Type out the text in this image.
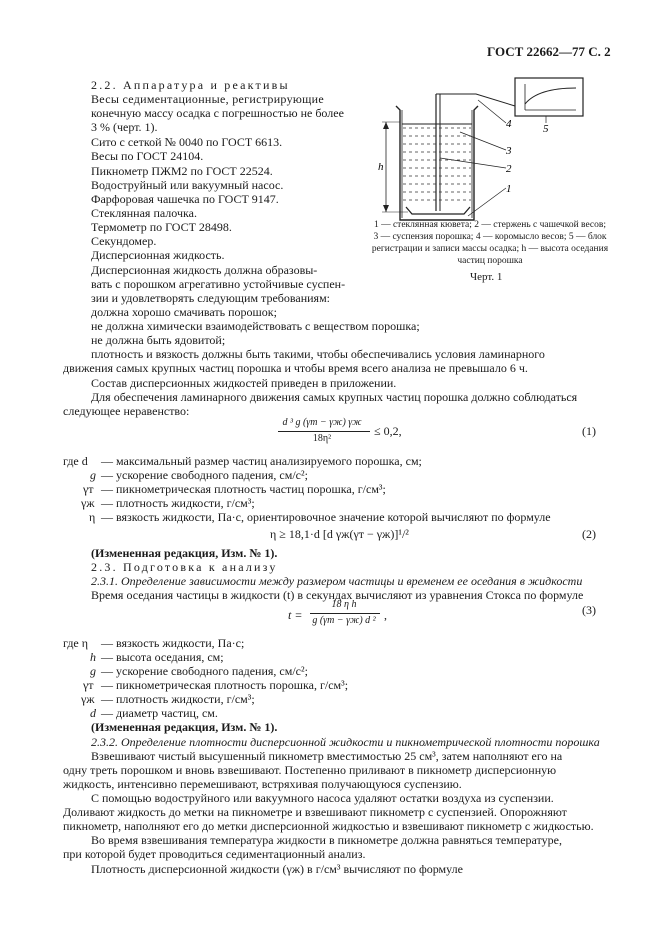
ГОСТ 22662—77 С. 2
2.2. Аппаратура и реактивы
Весы седиментационные, регистрирующие
конечную массу осадка с погрешностью не более
3 % (черт. 1).
Сито с сеткой № 0040 по ГОСТ 6613.
Весы по ГОСТ 24104.
Пикнометр ПЖМ2 по ГОСТ 22524.
Водоструйный или вакуумный насос.
Фарфоровая чашечка по ГОСТ 9147.
Стеклянная палочка.
Термометр по ГОСТ 28498.
Секундомер.
Дисперсионная жидкость.
Дисперсионная жидкость должна образовы-
вать с порошком агрегативно устойчивые суспен-
зии и удовлетворять следующим требованиям:
1
2
3
4	5
h
1 — стеклянная кювета; 2 — стержень с чашечкой весов;
3 — суспензия порошка; 4 — коромысло весов; 5 — блок
регистрации и записи массы осадка; h — высота оседания
частиц порошка
Черт. 1
должна хорошо смачивать порошок;
не должна химически взаимодействовать с веществом порошка;
не должна быть ядовитой;
плотность и вязкость должны быть такими, чтобы обеспечивались условия ламинарного
движения самых крупных частиц порошка и чтобы время всего анализа не превышало 6 ч.
Состав дисперсионных жидкостей приведен в приложении.
Для обеспечения ламинарного движения самых крупных частиц порошка должно соблюдаться
следующее неравенство:
d ³ g (γт − γж) γж
18η²
≤ 0,2,	(1)
где d — максимальный размер частиц анализируемого порошка, см;
g — ускорение свободного падения, см/с²;
γт — пикнометрическая плотность частиц порошка, г/см³;
γж — плотность жидкости, г/см³;
η — вязкость жидкости, Па·с, ориентировочное значение которой вычисляют по формуле
η ≥ 18,1·d [d γж(γт − γж)]¹/²	(2)
(Измененная редакция, Изм. № 1).
2.3. Подготовка к анализу
2.3.1. Определение зависимости между размером частицы и временем ее оседания в жидкости
Время оседания частицы в жидкости (t) в секундах вычисляют из уравнения Стокса по формуле
t =
18 η h
g (γт − γж) d ² ,	(3)
где η — вязкость жидкости, Па·с;
h — высота оседания, см;
g — ускорение свободного падения, см/с²;
γт — пикнометрическая плотность порошка, г/см³;
γж — плотность жидкости, г/см³;
d — диаметр частиц, см.
(Измененная редакция, Изм. № 1).
2.3.2. Определение плотности дисперсионной жидкости и пикнометрической плотности порошка
Взвешивают чистый высушенный пикнометр вместимостью 25 см³, затем наполняют его на
одну треть порошком и вновь взвешивают. Постепенно приливают в пикнометр дисперсионную
жидкость, интенсивно перемешивают, встряхивая получающуюся суспензию.
С помощью водоструйного или вакуумного насоса удаляют остатки воздуха из суспензии.
Доливают жидкость до метки на пикнометре и взвешивают пикнометр с суспензией. Опорожняют
пикнометр, наполняют его до метки дисперсионной жидкостью и взвешивают пикнометр с жидкостью.
Во время взвешивания температура жидкости в пикнометре должна равняться температуре,
при которой будет проводиться седиментационный анализ.
Плотность дисперсионной жидкости (γж) в г/см³ вычисляют по формуле
